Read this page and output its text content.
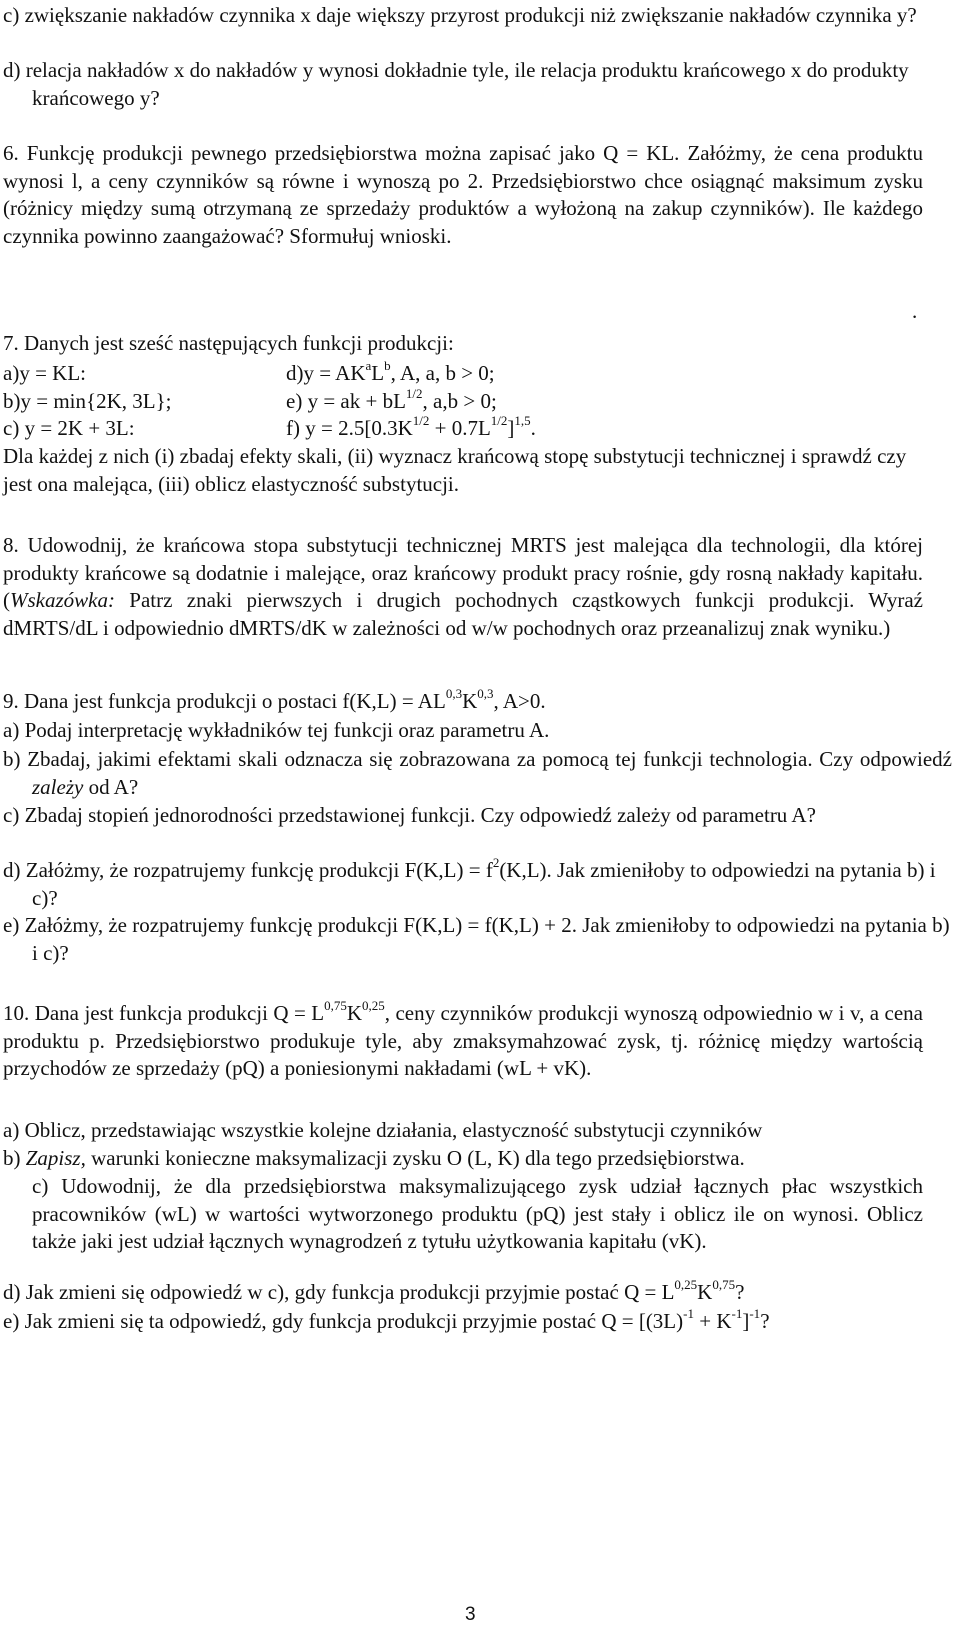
c) zwiększanie nakładów czynnika x daje większy przyrost produkcji niż zwiększanie nakładów czynnika y?

d) relacja nakładów x do nakładów y wynosi dokładnie tyle, ile relacja produktu krańcowego x do produkty krańcowego y?

6. Funkcję produkcji pewnego przedsiębiorstwa można zapisać jako Q = KL. Załóżmy, że cena produktu wynosi l, a ceny czynników są równe i wynoszą po 2. Przedsiębiorstwo chce osiągnąć maksimum zysku (różnicy między sumą otrzymaną ze sprzedaży produktów a wyłożoną na zakup czynników). Ile każdego czynnika powinno zaangażować? Sformułuj wnioski.

.

7. Danych jest sześć następujących funkcji produkcji:

a)y = KL:	$d)y = AK^aL^b$, A, a, b > 0;
b)y = min{2K, 3L};	e) y = ak + $bL^{1/2}$, a,b > 0;
c) y = 2K + 3L:	f) $y = 2.5[0.3K^{1/2} + 0.7L^{1/2}]^{1,5}$.

Dla każdej z nich (i) zbadaj efekty skali, (ii) wyznacz krańcową stopę substytucji technicznej i sprawdź czy jest ona malejąca, (iii) oblicz elastyczność substytucji.

8. Udowodnij, że krańcowa stopa substytucji technicznej MRTS jest malejąca dla technologii, dla której produkty krańcowe są dodatnie i malejące, oraz krańcowy produkt pracy rośnie, gdy rosną nakłady kapitału. (Wskazówka: Patrz znaki pierwszych i drugich pochodnych cząstkowych funkcji produkcji. Wyraź dMRTS/dL i odpowiednio dMRTS/dK w zależności od w/w pochodnych oraz przeanalizuj znak wyniku.)

9. Dana jest funkcja produkcji o postaci $f(K,L) = AL^{0,3}K^{0,3}$, A>0.

a) Podaj interpretację wykładników tej funkcji oraz parametru A.

b) Zbadaj, jakimi efektami skali odznacza się zobrazowana za pomocą tej funkcji technologia. Czy odpowiedź zależy od A?

c) Zbadaj stopień jednorodności przedstawionej funkcji. Czy odpowiedź zależy od parametru A?

d) Załóżmy, że rozpatrujemy funkcję produkcji $F(K,L) = f^2(K,L)$. Jak zmieniłoby to odpowiedzi na pytania b) i c)?

e) Załóżmy, że rozpatrujemy funkcję produkcji F(K,L) = f(K,L) + 2. Jak zmieniłoby to odpowiedzi na pytania b) i c)?

10. Dana jest funkcja produkcji $Q = L^{0,75}K^{0,25}$, ceny czynników produkcji wynoszą odpowiednio w i v, a cena produktu p. Przedsiębiorstwo produkuje tyle, aby zmaksymahzować zysk, tj. różnicę między wartością przychodów ze sprzedaży (pQ) a poniesionymi nakładami (wL + vK).

a) Oblicz, przedstawiając wszystkie kolejne działania, elastyczność substytucji czynników

b) Zapisz, warunki konieczne maksymalizacji zysku O (L, K) dla tego przedsiębiorstwa.

c) Udowodnij, że dla przedsiębiorstwa maksymalizującego zysk udział łącznych płac wszystkich pracowników (wL) w wartości wytworzonego produktu (pQ) jest stały i oblicz ile on wynosi. Oblicz także jaki jest udział łącznych wynagrodzeń z tytułu użytkowania kapitału (vK).

d) Jak zmieni się odpowiedź w c), gdy funkcja produkcji przyjmie postać $Q = L^{0,25}K^{0,75}$?

e) Jak zmieni się ta odpowiedź, gdy funkcja produkcji przyjmie postać $Q = [(3L)^{-1} + K^{-1}]^{-1}$?

3
